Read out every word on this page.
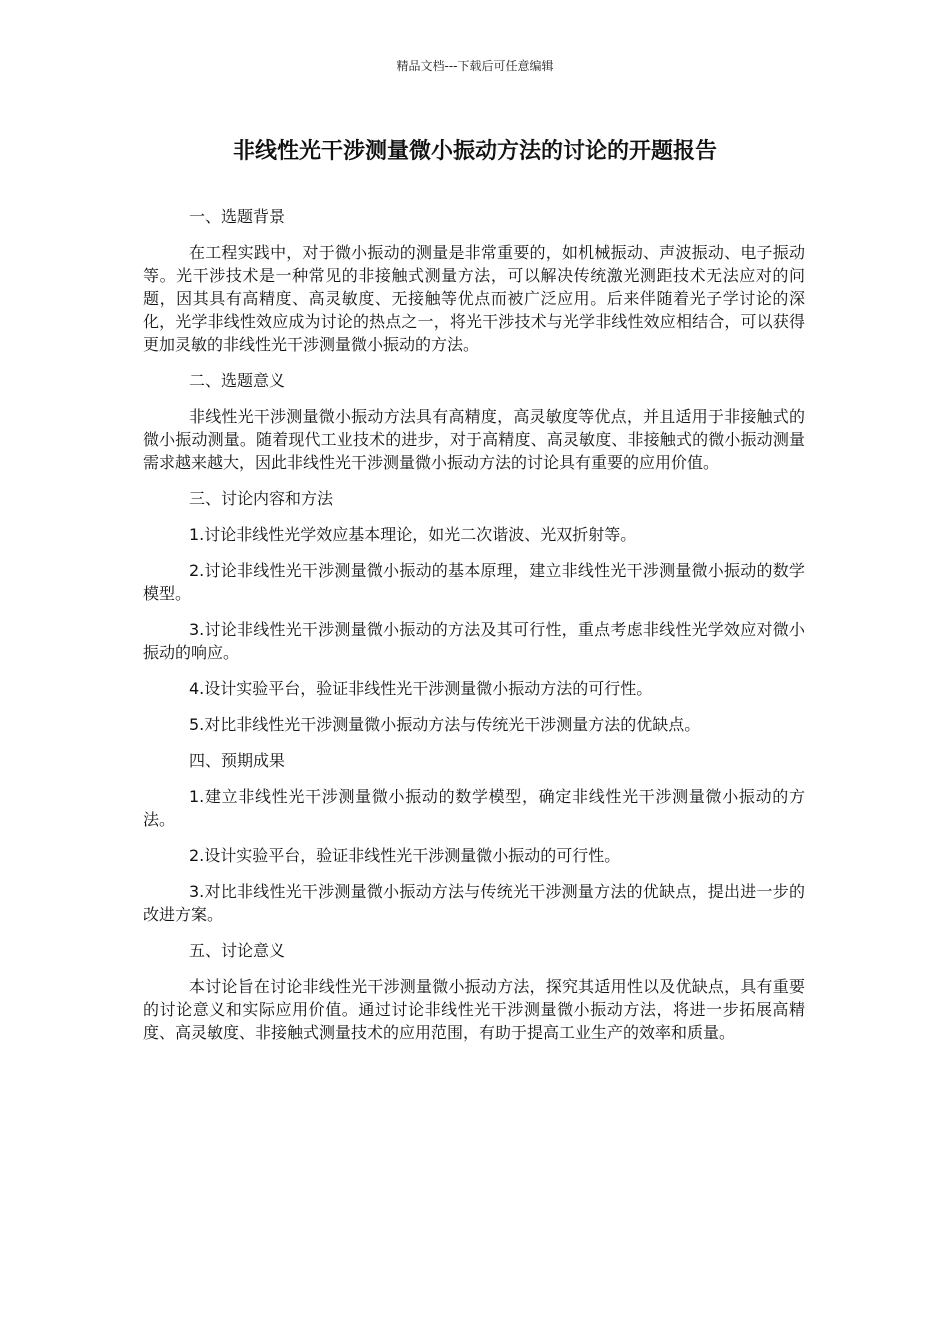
精品文档---下载后可任意编辑
非线性光干涉测量微小振动方法的讨论的开题报告

一、选题背景

在工程实践中，对于微小振动的测量是非常重要的，如机械振动、声波振动、电子振动等。光干涉技术是一种常见的非接触式测量方法，可以解决传统激光测距技术无法应对的问题，因其具有高精度、高灵敏度、无接触等优点而被广泛应用。后来伴随着光子学讨论的深化，光学非线性效应成为讨论的热点之一，将光干涉技术与光学非线性效应相结合，可以获得更加灵敏的非线性光干涉测量微小振动的方法。

二、选题意义

非线性光干涉测量微小振动方法具有高精度，高灵敏度等优点，并且适用于非接触式的微小振动测量。随着现代工业技术的进步，对于高精度、高灵敏度、非接触式的微小振动测量需求越来越大，因此非线性光干涉测量微小振动方法的讨论具有重要的应用价值。

三、讨论内容和方法

1.讨论非线性光学效应基本理论，如光二次谐波、光双折射等。

2.讨论非线性光干涉测量微小振动的基本原理，建立非线性光干涉测量微小振动的数学模型。

3.讨论非线性光干涉测量微小振动的方法及其可行性，重点考虑非线性光学效应对微小振动的响应。

4.设计实验平台，验证非线性光干涉测量微小振动方法的可行性。

5.对比非线性光干涉测量微小振动方法与传统光干涉测量方法的优缺点。

四、预期成果

1.建立非线性光干涉测量微小振动的数学模型，确定非线性光干涉测量微小振动的方法。

2.设计实验平台，验证非线性光干涉测量微小振动的可行性。

3.对比非线性光干涉测量微小振动方法与传统光干涉测量方法的优缺点，提出进一步的改进方案。

五、讨论意义

本讨论旨在讨论非线性光干涉测量微小振动方法，探究其适用性以及优缺点，具有重要的讨论意义和实际应用价值。通过讨论非线性光干涉测量微小振动方法，将进一步拓展高精度、高灵敏度、非接触式测量技术的应用范围，有助于提高工业生产的效率和质量。
